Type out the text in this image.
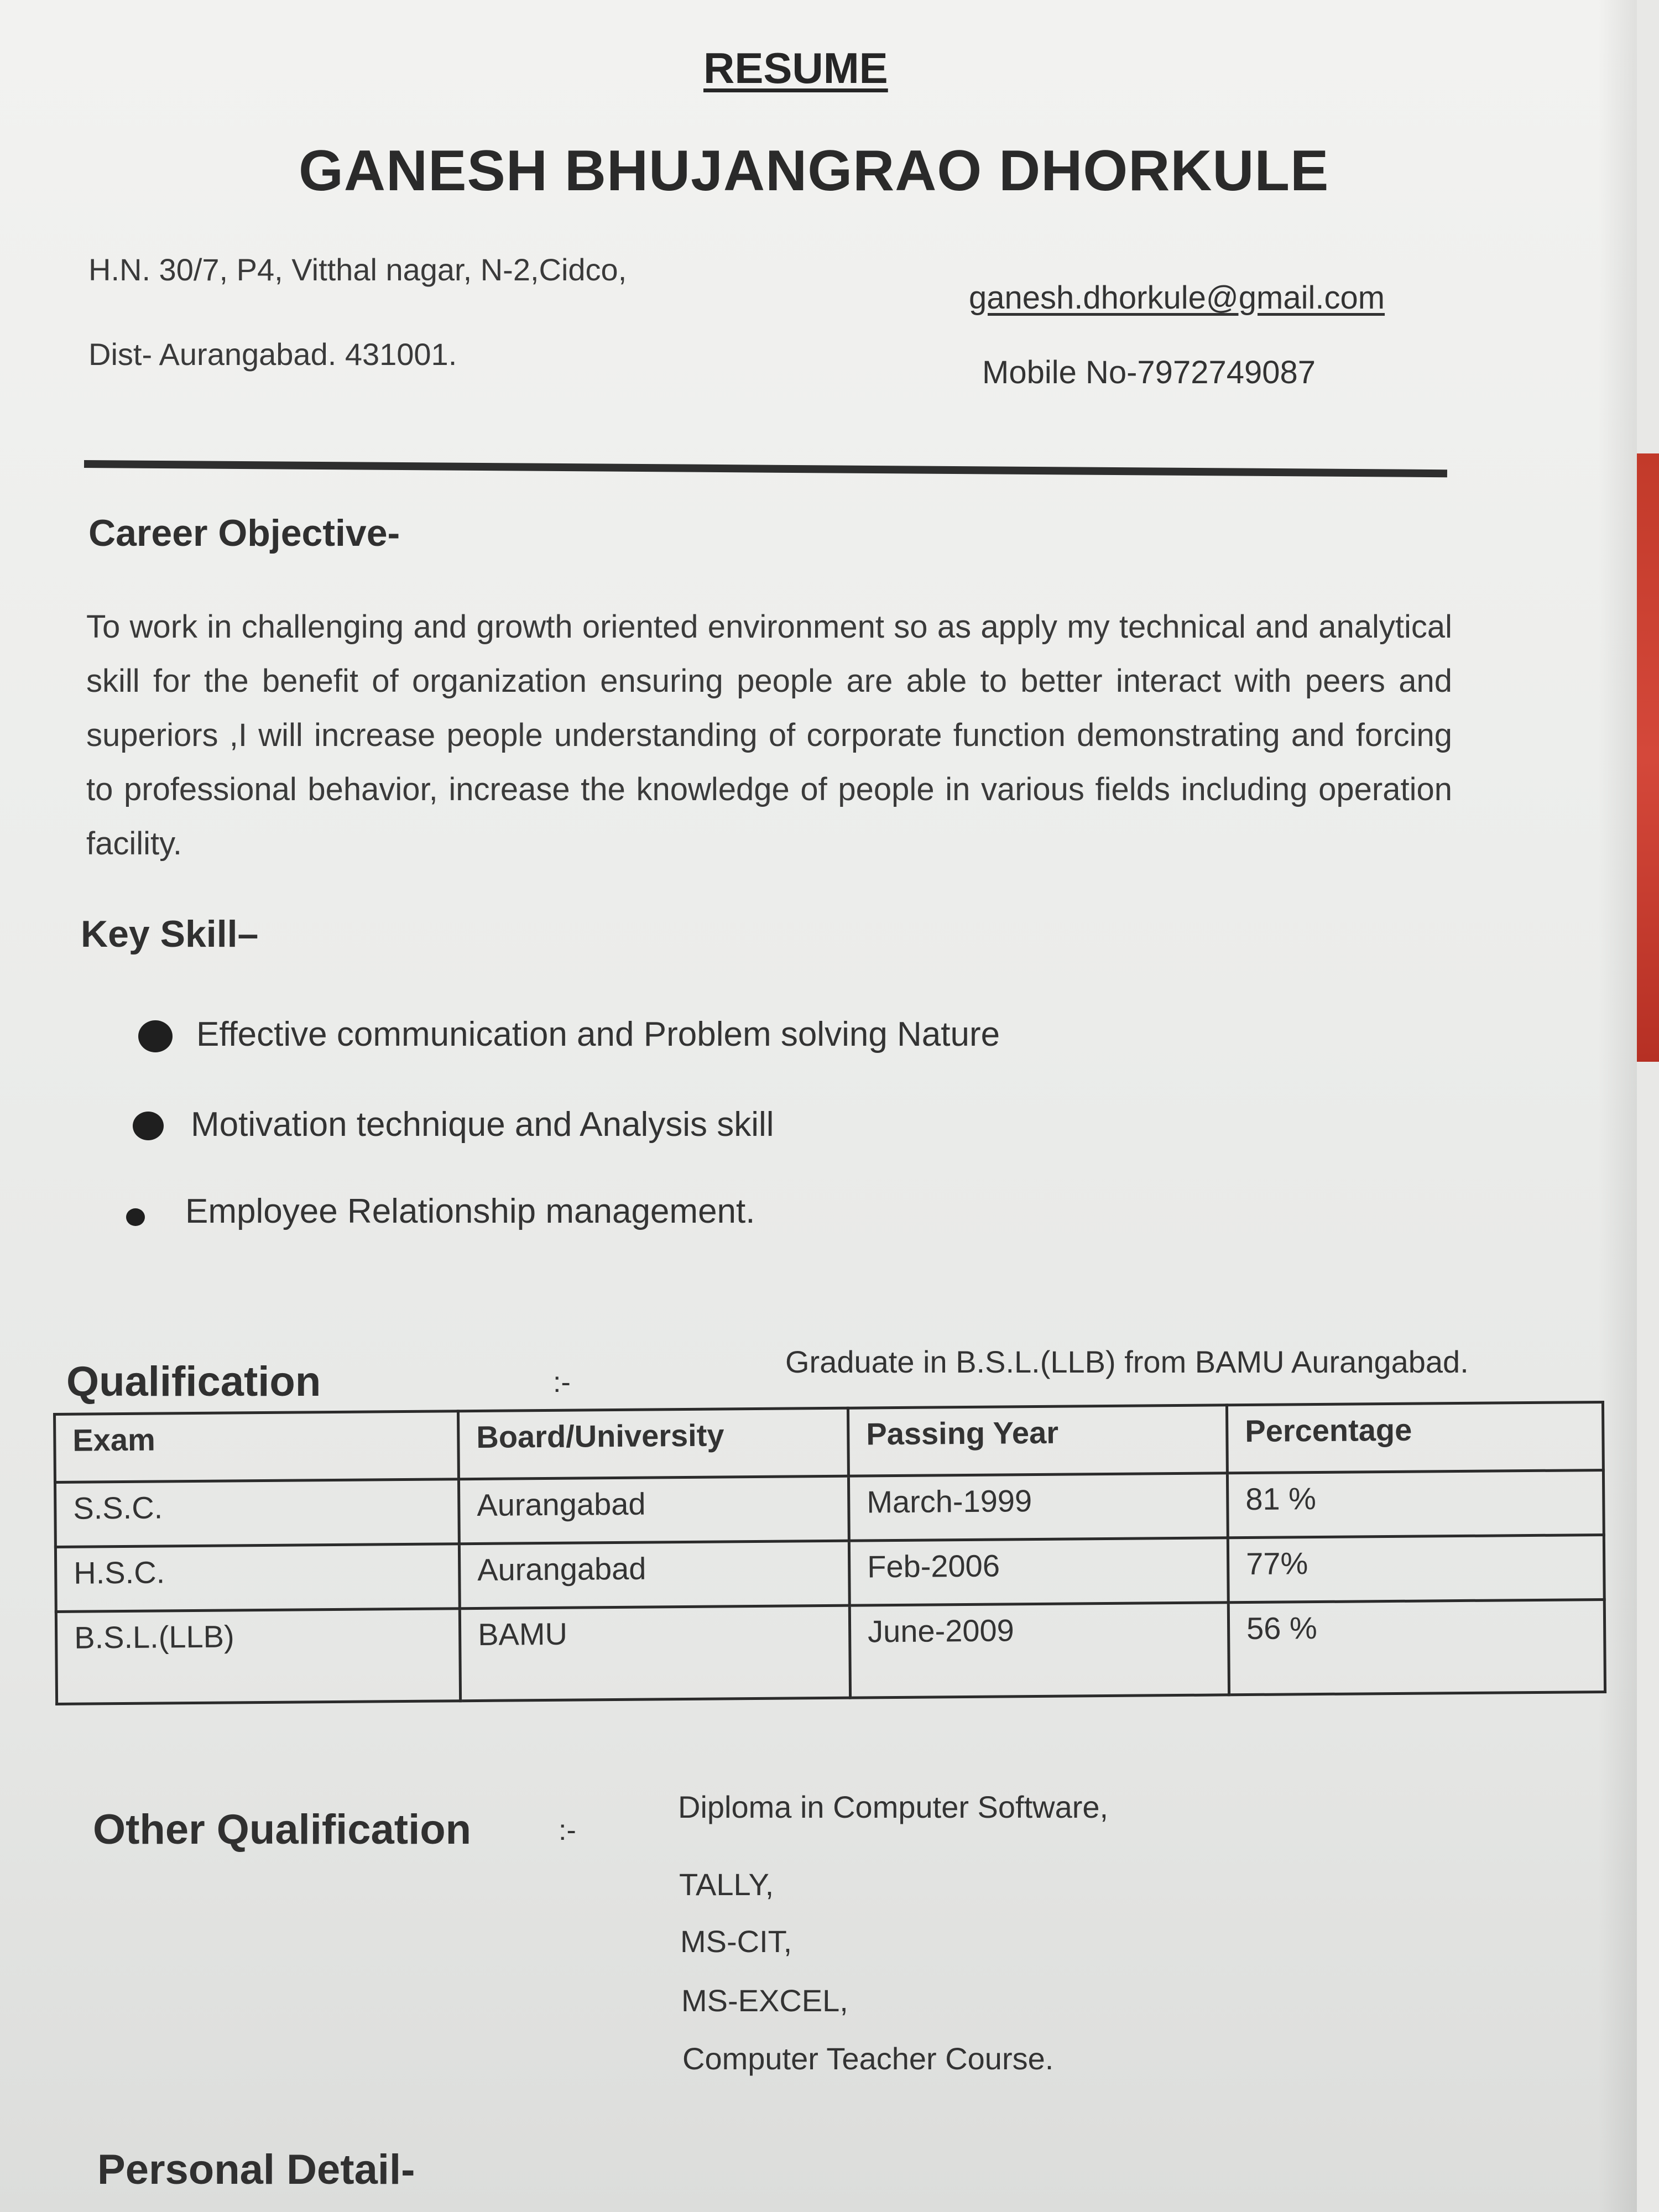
RESUME
GANESH BHUJANGRAO DHORKULE
H.N. 30/7, P4, Vitthal nagar, N-2,Cidco,
Dist- Aurangabad. 431001.
ganesh.dhorkule@gmail.com
Mobile No-7972749087
Career Objective-
To work in challenging and growth oriented environment so as apply my technical and analytical skill for the benefit of organization ensuring people are able to better interact with peers and superiors ,I will increase people understanding of corporate function demonstrating and forcing to professional behavior, increase the knowledge of people in various fields including operation facility.
Key Skill–
Effective communication and Problem solving Nature
Motivation technique and Analysis skill
Employee Relationship management.
Qualification	:-
Graduate in B.S.L.(LLB) from BAMU Aurangabad.
Exam	Board/University	Passing Year	Percentage
S.S.C.	Aurangabad	March-1999	81 %
H.S.C.	Aurangabad	Feb-2006	77%
B.S.L.(LLB)	BAMU	June-2009	56 %
Other Qualification	:-
Diploma in Computer Software,
TALLY,
MS-CIT,
MS-EXCEL,
Computer Teacher Course.
Personal Detail-
